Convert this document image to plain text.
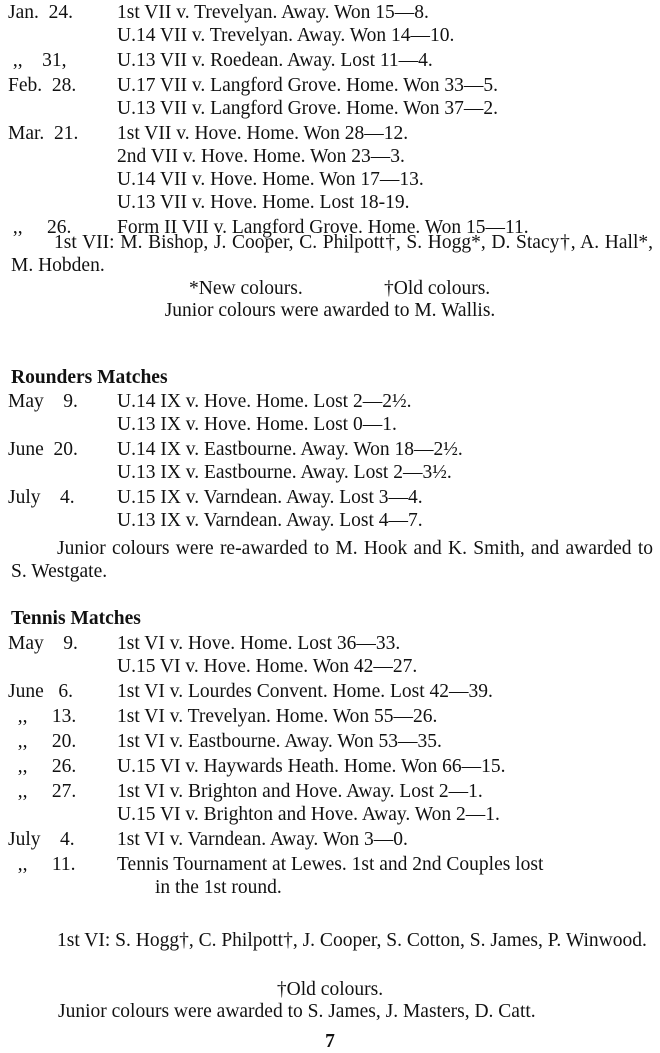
Jan.  24. 1st VII v. Trevelyan. Away. Won 15—8.
U.14 VII v. Trevelyan. Away. Won 14—10.
,,    31,	U.13 VII v. Roedean. Away. Lost 11—4.
Feb.  28. U.17 VII v. Langford Grove. Home. Won 33—5.
U.13 VII v. Langford Grove. Home. Won 37—2.
Mar.  21. 1st VII v. Hove. Home. Won 28—12.
2nd VII v. Hove. Home. Won 23—3.
U.14 VII v. Hove. Home. Won 17—13.
U.13 VII v. Hove. Home. Lost 18-19.
,,     26. Form II VII v. Langford Grove. Home. Won 15—11.

1st VII: M. Bishop, J. Cooper, C. Philpott†, S. Hogg*, D. Stacy†, A. Hall*, M. Hobden.

*New colours.	†Old colours.
Junior colours were awarded to M. Wallis.
Rounders Matches
May    9. U.14 IX v. Hove. Home. Lost 2—2½.
U.13 IX v. Hove. Home. Lost 0—1.
June  20. U.14 IX v. Eastbourne. Away. Won 18—2½.
U.13 IX v. Eastbourne. Away. Lost 2—3½.
July    4. U.15 IX v. Varndean. Away. Lost 3—4.
U.13 IX v. Varndean. Away. Lost 4—7.

Junior colours were re-awarded to M. Hook and K. Smith, and awarded to S. Westgate.

Tennis Matches
May    9. 1st VI v. Hove. Home. Lost 36—33.
U.15 VI v. Hove. Home. Won 42—27.
June   6. 1st VI v. Lourdes Convent. Home. Lost 42—39.
,,     13. 1st VI v. Trevelyan. Home. Won 55—26.
,,     20. 1st VI v. Eastbourne. Away. Won 53—35.
,,     26. U.15 VI v. Haywards Heath. Home. Won 66—15.
,,     27. 1st VI v. Brighton and Hove. Away. Lost 2—1.
U.15 VI v. Brighton and Hove. Away. Won 2—1.
July    4. 1st VI v. Varndean. Away. Won 3—0.
,,     11. Tennis Tournament at Lewes. 1st and 2nd Couples lost
in the 1st round.

1st VI: S. Hogg†, C. Philpott†, J. Cooper, S. Cotton, S. James, P. Winwood.

†Old colours.
Junior colours were awarded to S. James, J. Masters, D. Catt.
7
